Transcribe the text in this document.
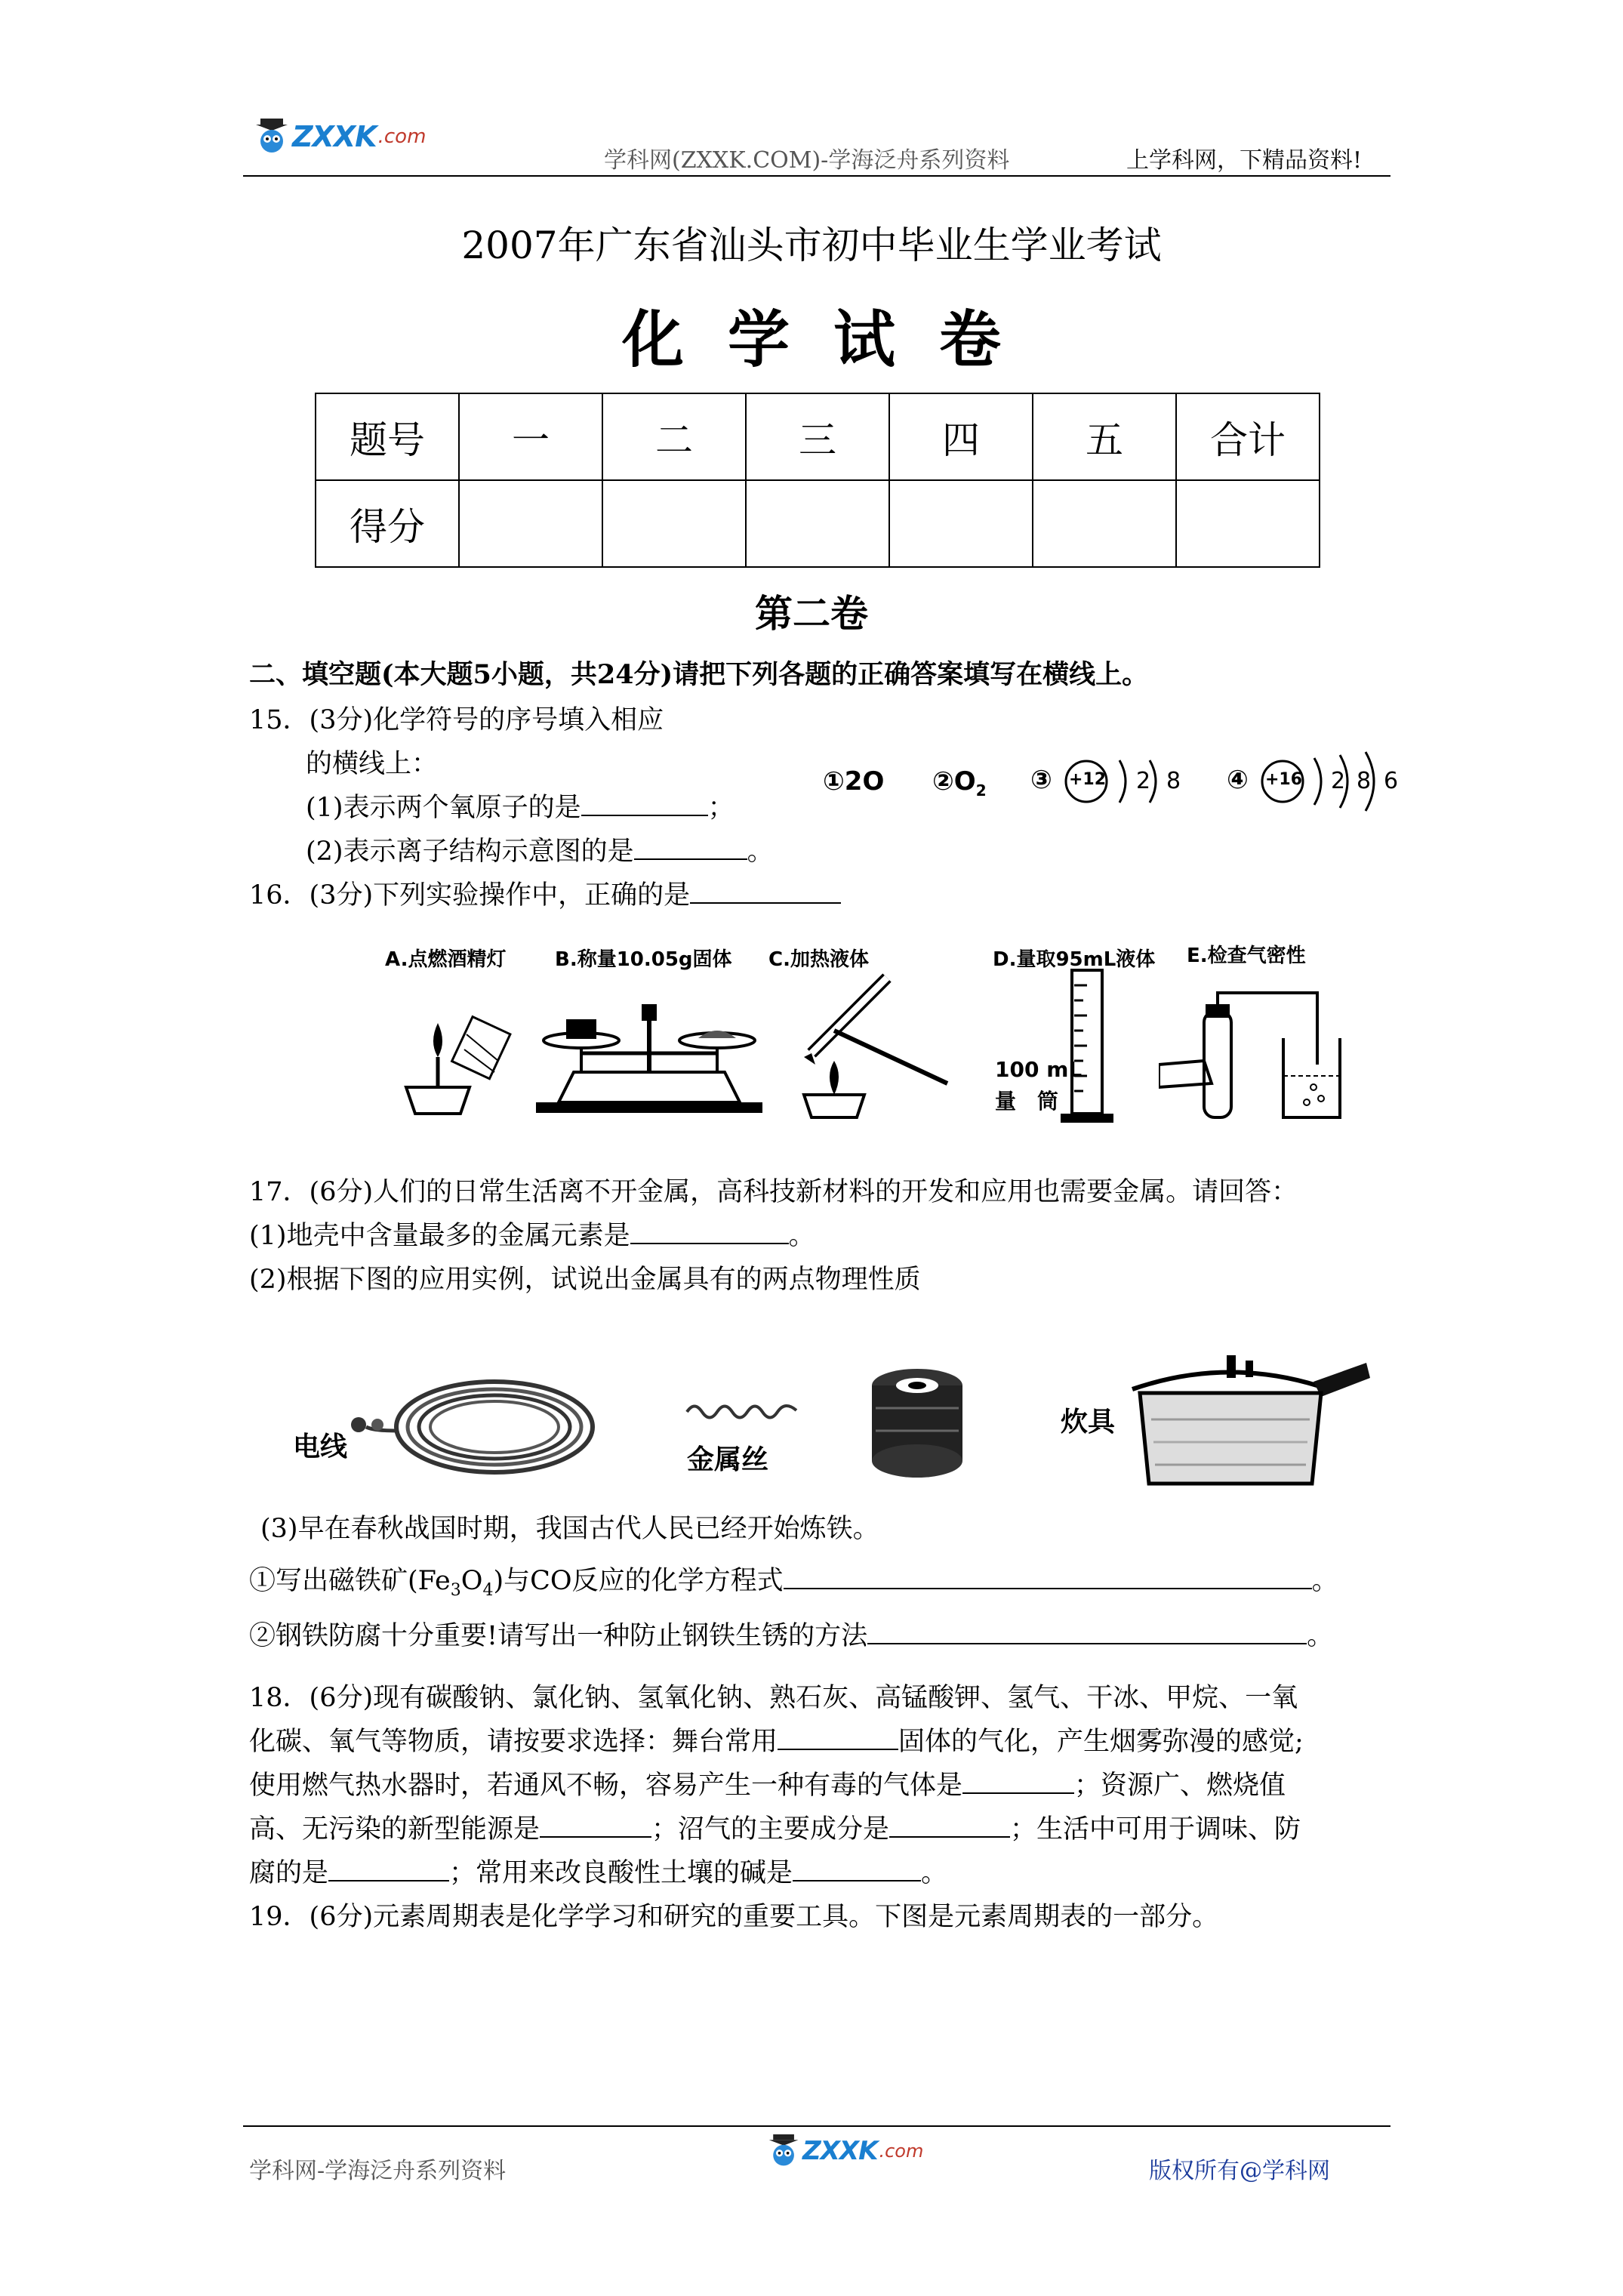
ZXXK .com
学科网(ZXXK.COM)-学海泛舟系列资料	上学科网，下精品资料!
2007年广东省汕头市初中毕业生学业考试
化学试卷
题号	一	二	三	四	五	合计
得分						
第二卷
二、填空题(本大题5小题，共24分)请把下列各题的正确答案填写在横线上。
15．(3分)化学符号的序号填入相应
的横线上：
(1)表示两个氧原子的是	；
(2)表示离子结构示意图的是	。
①2O $②O_2$ ③ +12 2 8 ④ +16 2 8 6
16．(3分)下列实验操作中，正确的是
A.点燃酒精灯 B.称量10.05g固体 C.加热液体	D.量取95mL液体 E.检查气密性
100 mL
量　筒
17．(6分)人们的日常生活离不开金属，高科技新材料的开发和应用也需要金属。请回答：
(1)地壳中含量最多的金属元素是	。
(2)根据下图的应用实例，试说出金属具有的两点物理性质
电线	金属丝
炊具
(3)早在春秋战国时期，我国古代人民已经开始炼铁。
①写出磁铁矿$(Fe_3O_4)$与CO反应的化学方程式	。
②钢铁防腐十分重要!请写出一种防止钢铁生锈的方法	。
18．(6分)现有碳酸钠、氯化钠、氢氧化钠、熟石灰、高锰酸钾、氢气、干冰、甲烷、一氧
化碳、氧气等物质，请按要求选择：舞台常用	固体的气化，产生烟雾弥漫的感觉;
使用燃气热水器时，若通风不畅，容易产生一种有毒的气体是	；资源广、燃烧值
高、无污染的新型能源是	；沼气的主要成分是	；生活中可用于调味、防
腐的是	；常用来改良酸性土壤的碱是	。
19．(6分)元素周期表是化学学习和研究的重要工具。下图是元素周期表的一部分。
学科网-学海泛舟系列资料
ZXXK .com
版权所有@学科网
